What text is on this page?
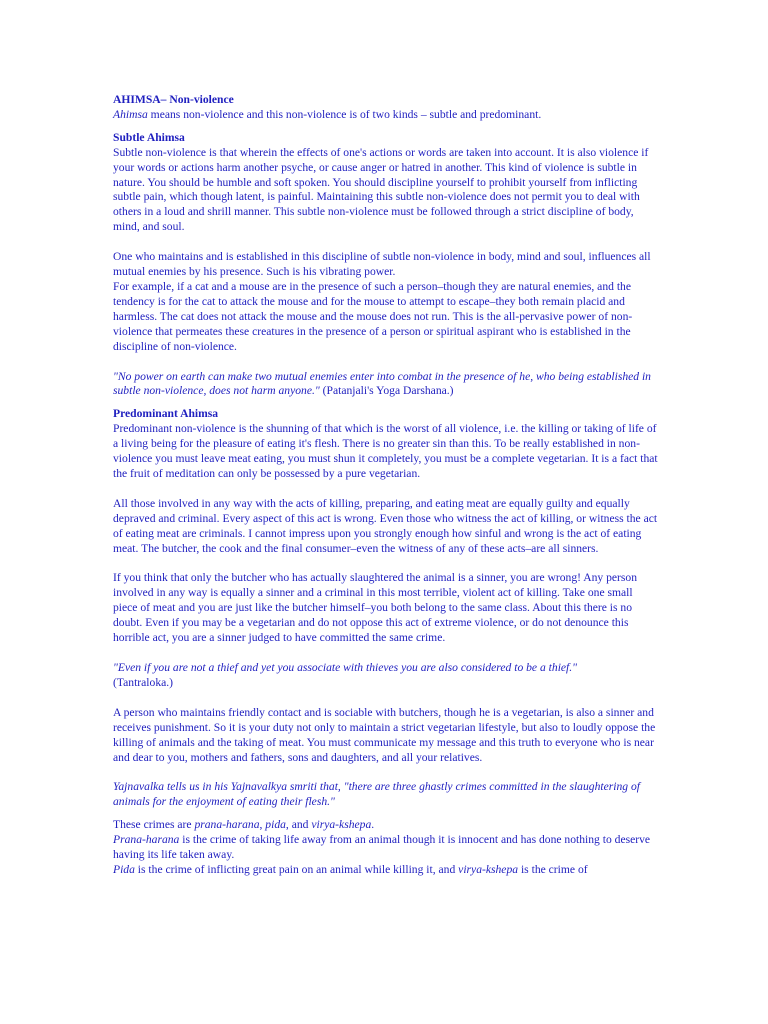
AHIMSA– Non-violence

Ahimsa means non-violence and this non-violence is of two kinds – subtle and predominant.

Subtle Ahimsa

Subtle non-violence is that wherein the effects of one's actions or words are taken into account. It is also violence if your words or actions harm another psyche, or cause anger or hatred in another. This kind of violence is subtle in nature. You should be humble and soft spoken. You should discipline yourself to prohibit yourself from inflicting subtle pain, which though latent, is painful. Maintaining this subtle non-violence does not permit you to deal with others in a loud and shrill manner. This subtle non-violence must be followed through a strict discipline of body, mind, and soul.

One who maintains and is established in this discipline of subtle non-violence in body, mind and soul, influences all mutual enemies by his presence. Such is his vibrating power.

For example, if a cat and a mouse are in the presence of such a person–though they are natural enemies, and the tendency is for the cat to attack the mouse and for the mouse to attempt to escape–they both remain placid and harmless. The cat does not attack the mouse and the mouse does not run. This is the all-pervasive power of non-violence that permeates these creatures in the presence of a person or spiritual aspirant who is established in the discipline of non-violence.

"No power on earth can make two mutual enemies enter into combat in the presence of he, who being established in subtle non-violence, does not harm anyone." (Patanjali's Yoga Darshana.)

Predominant Ahimsa

Predominant non-violence is the shunning of that which is the worst of all violence, i.e. the killing or taking of life of a living being for the pleasure of eating it's flesh. There is no greater sin than this. To be really established in non-violence you must leave meat eating, you must shun it completely, you must be a complete vegetarian. It is a fact that the fruit of meditation can only be possessed by a pure vegetarian.

All those involved in any way with the acts of killing, preparing, and eating meat are equally guilty and equally depraved and criminal. Every aspect of this act is wrong. Even those who witness the act of killing, or witness the act of eating meat are criminals. I cannot impress upon you strongly enough how sinful and wrong is the act of eating meat. The butcher, the cook and the final consumer–even the witness of any of these acts–are all sinners.

If you think that only the butcher who has actually slaughtered the animal is a sinner, you are wrong! Any person involved in any way is equally a sinner and a criminal in this most terrible, violent act of killing. Take one small piece of meat and you are just like the butcher himself–you both belong to the same class. About this there is no doubt. Even if you may be a vegetarian and do not oppose this act of extreme violence, or do not denounce this horrible act, you are a sinner judged to have committed the same crime.

"Even if you are not a thief and yet you associate with thieves you are also considered to be a thief."

(Tantraloka.)

A person who maintains friendly contact and is sociable with butchers, though he is a vegetarian, is also a sinner and receives punishment. So it is your duty not only to maintain a strict vegetarian lifestyle, but also to loudly oppose the killing of animals and the taking of meat. You must communicate my message and this truth to everyone who is near and dear to you, mothers and fathers, sons and daughters, and all your relatives.

Yajnavalka tells us in his Yajnavalkya smriti that, "there are three ghastly crimes committed in the slaughtering of animals for the enjoyment of eating their flesh."

These crimes are prana-harana, pida, and virya-kshepa.

Prana-harana is the crime of taking life away from an animal though it is innocent and has done nothing to deserve having its life taken away.

Pida is the crime of inflicting great pain on an animal while killing it, and virya-kshepa is the crime of
